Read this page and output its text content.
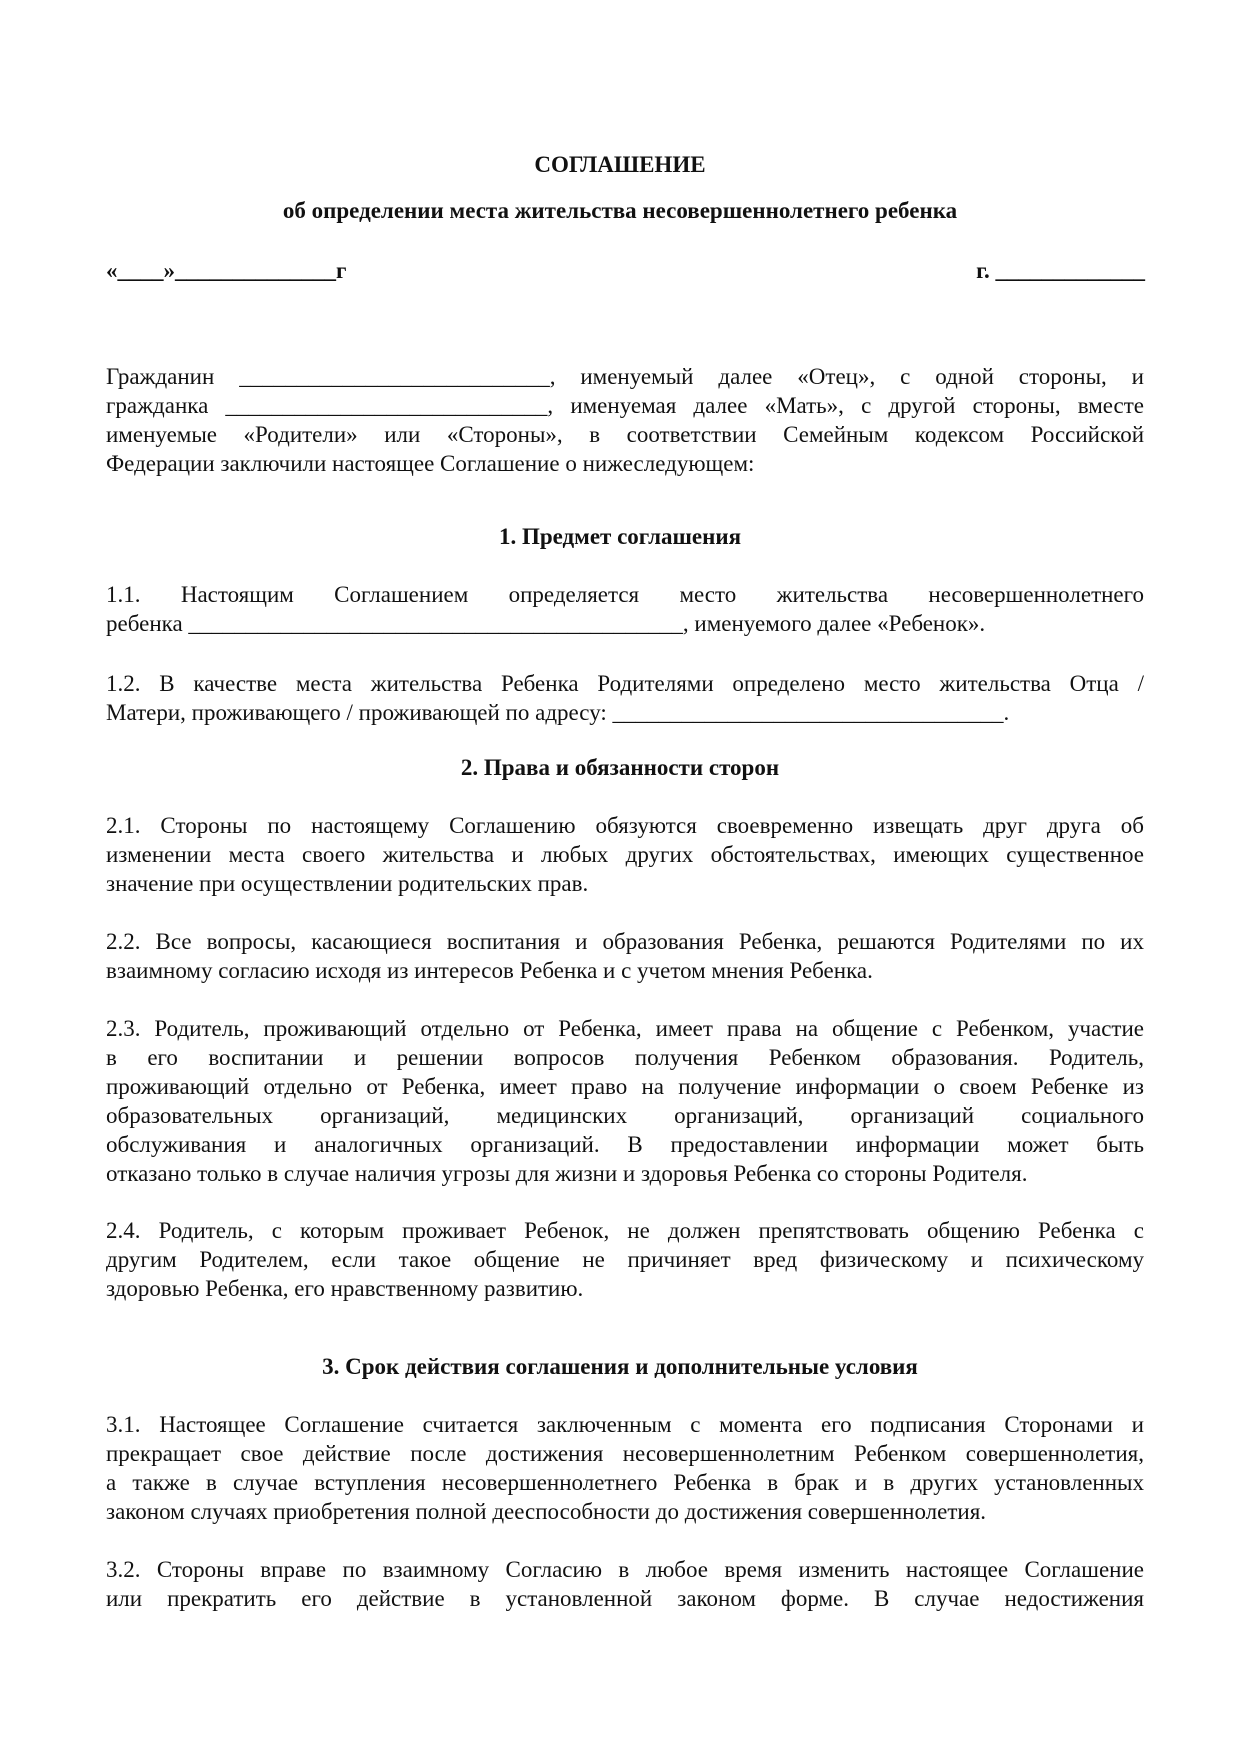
СОГЛАШЕНИЕ
об определении места жительства несовершеннолетнего ребенка
«____»______________г	г. _____________
Гражданин ___________________________, именуемый далее «Отец», с одной стороны, и
гражданка ____________________________, именуемая далее «Мать», с другой стороны, вместе
именуемые «Родители» или «Стороны», в соответствии Семейным кодексом Российской
Федерации заключили настоящее Соглашение о нижеследующем:
1. Предмет соглашения
1.1. Настоящим Соглашением определяется место жительства несовершеннолетнего
ребенка ___________________________________________, именуемого далее «Ребенок».
1.2. В качестве места жительства Ребенка Родителями определено место жительства Отца /
Матери, проживающего / проживающей по адресу: __________________________________.
2. Права и обязанности сторон
2.1. Стороны по настоящему Соглашению обязуются своевременно извещать друг друга об
изменении места своего жительства и любых других обстоятельствах, имеющих существенное
значение при осуществлении родительских прав.
2.2. Все вопросы, касающиеся воспитания и образования Ребенка, решаются Родителями по их
взаимному согласию исходя из интересов Ребенка и с учетом мнения Ребенка.
2.3. Родитель, проживающий отдельно от Ребенка, имеет права на общение с Ребенком, участие
в его воспитании и решении вопросов получения Ребенком образования. Родитель,
проживающий отдельно от Ребенка, имеет право на получение информации о своем Ребенке из
образовательных организаций, медицинских организаций, организаций социального
обслуживания и аналогичных организаций. В предоставлении информации может быть
отказано только в случае наличия угрозы для жизни и здоровья Ребенка со стороны Родителя.
2.4. Родитель, с которым проживает Ребенок, не должен препятствовать общению Ребенка с
другим Родителем, если такое общение не причиняет вред физическому и психическому
здоровью Ребенка, его нравственному развитию.
3. Срок действия соглашения и дополнительные условия
3.1. Настоящее Соглашение считается заключенным с момента его подписания Сторонами и
прекращает свое действие после достижения несовершеннолетним Ребенком совершеннолетия,
а также в случае вступления несовершеннолетнего Ребенка в брак и в других установленных
законом случаях приобретения полной дееспособности до достижения совершеннолетия.
3.2. Стороны вправе по взаимному Согласию в любое время изменить настоящее Соглашение
или прекратить его действие в установленной законом форме. В случае недостижения
